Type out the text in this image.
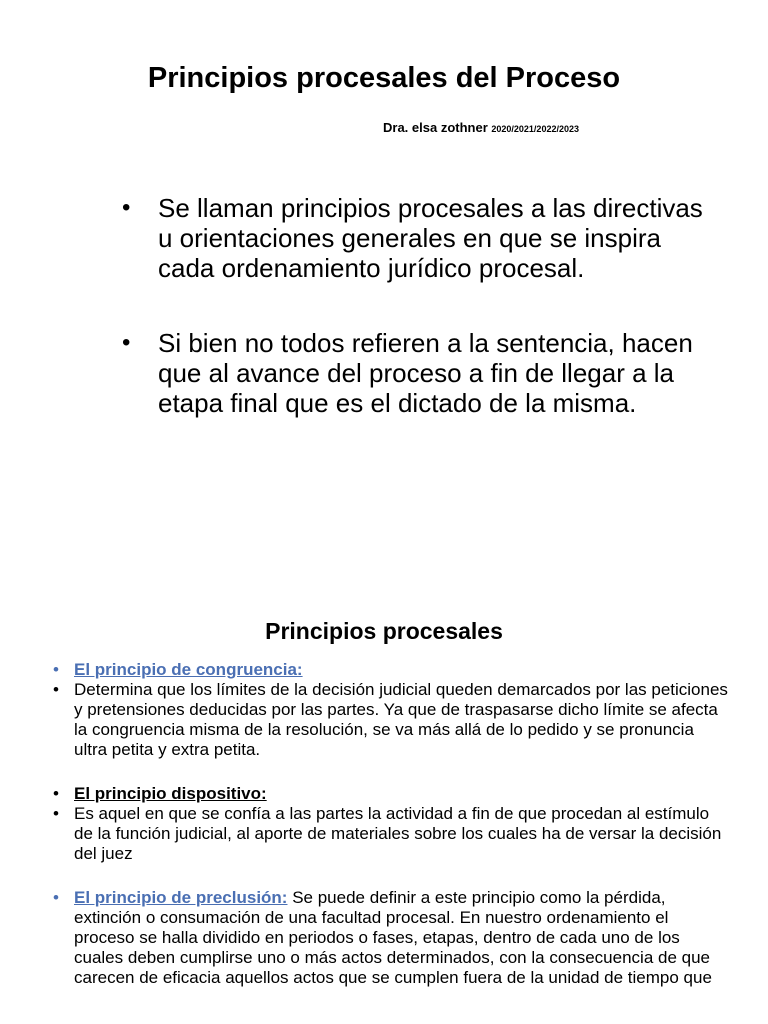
Principios procesales del Proceso
Dra. elsa zothner 2020/2021/2022/2023
• Se llaman principios procesales a las directivas u orientaciones generales en que se inspira cada ordenamiento jurídico procesal.
• Si bien no todos refieren a la sentencia, hacen que al avance del proceso a fin de llegar a la etapa final que es el dictado de la misma.
Principios procesales
• El principio de congruencia:
• Determina que los límites de la decisión judicial queden demarcados por las peticiones y pretensiones deducidas por las partes. Ya que de traspasarse dicho límite se afecta la congruencia misma de la resolución, se va más allá de lo pedido y se pronuncia ultra petita y extra petita.
• El principio dispositivo:
• Es aquel en que se confía a las partes la actividad a fin de que procedan al estímulo de la función judicial, al aporte de materiales sobre los cuales ha de versar la decisión del juez
• El principio de preclusión: Se puede definir a este principio como la pérdida, extinción o consumación de una facultad procesal. En nuestro ordenamiento el proceso se halla dividido en periodos o fases, etapas, dentro de cada uno de los cuales deben cumplirse uno o más actos determinados, con la consecuencia de que carecen de eficacia aquellos actos que se cumplen fuera de la unidad de tiempo que
